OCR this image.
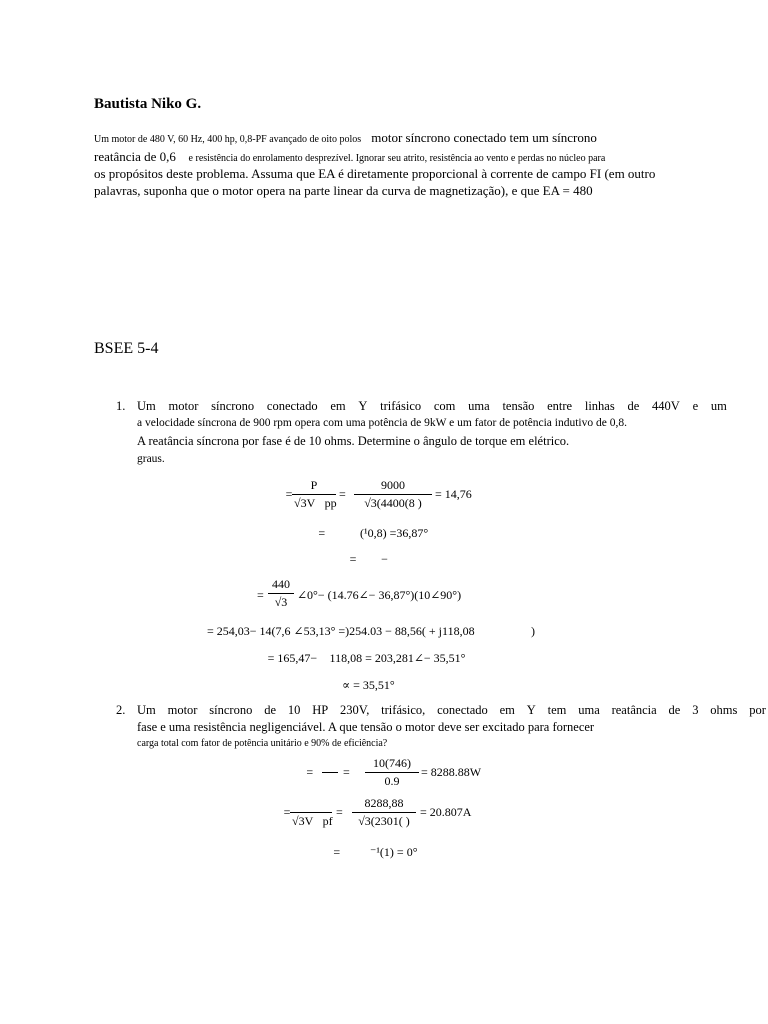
Bautista Niko G.
Um motor de 480 V, 60 Hz, 400 hp, 0,8-PF avançado de oito polos motor síncrono conectado tem um síncrono
reatância de 0,6  e resistência do enrolamento desprezível. Ignorar seu atrito, resistência ao vento e perdas no núcleo para
os propósitos deste problema. Assuma que EA é diretamente proporcional à corrente de campo FI (em outro
palavras, suponha que o motor opera na parte linear da curva de magnetização), e que EA = 480
BSEE 5-4
1. Um motor síncrono conectado em Y trifásico com uma tensão entre linhas de 440V e um
a velocidade síncrona de 900 rpm opera com uma potência de 9kW e um fator de potência indutivo de 0,8.
A reatância síncrona por fase é de 10 ohms. Determine o ângulo de torque em elétrico.
graus.
   =
P
√3V pp
=
9000
√3(4400(8 )
= 14,76
  =	(¹0,8) =36,87°
   =    −      
=
440
√3 ∠0°− (14.76∠− 36,87°)(10∠90°)
= 254,03− 14(7,6 ∠53,13° =)254.03 − 88,56( + j118,08	)
   = 165,47−  118,08 = 203,281∠− 35,51°
∝ = 35,51°
2. Um motor síncrono de 10 HP 230V, trifásico, conectado em Y tem uma reatância de 3 ohms por
fase e uma resistência negligenciável. A que tensão o motor deve ser excitado para fornecer
carga total com fator de potência unitário e 90% de eficiência?
  =
 
 
=
10(746)
0.9
= 8288.88W
   =
 
√3V pf
=
8288,88
√3(2301( )
= 20.807A
  = ⁻¹(1) = 0°
